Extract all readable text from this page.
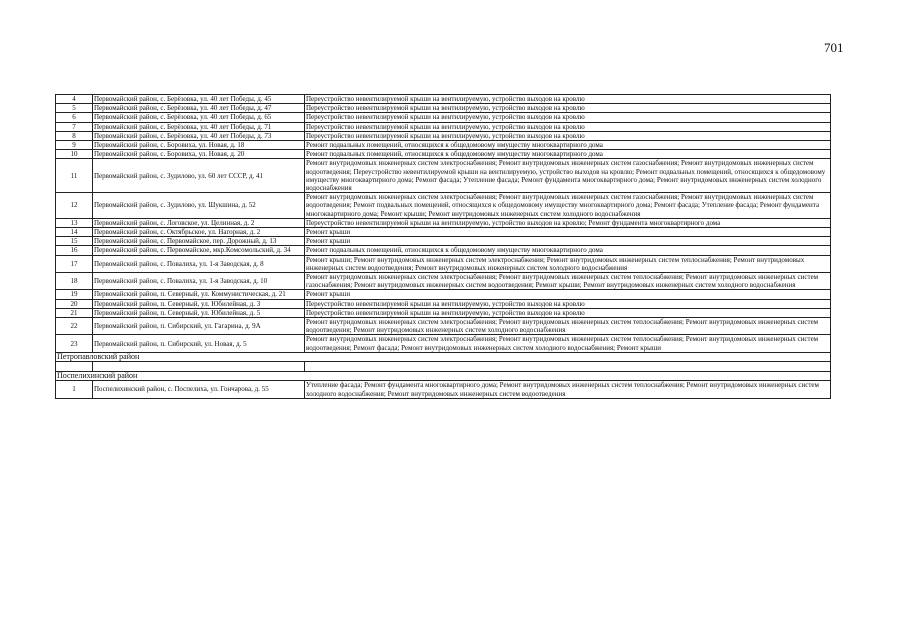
701
4	Первомайский район, с. Берёзовка, ул. 40 лет Победы, д. 45	Переустройство невентилируемой крыши на вентилируемую, устройство выходов на кровлю
5	Первомайский район, с. Берёзовка, ул. 40 лет Победы, д. 47	Переустройство невентилируемой крыши на вентилируемую, устройство выходов на кровлю
6	Первомайский район, с. Берёзовка, ул. 40 лет Победы, д. 65	Переустройство невентилируемой крыши на вентилируемую, устройство выходов на кровлю
7	Первомайский район, с. Берёзовка, ул. 40 лет Победы, д. 71	Переустройство невентилируемой крыши на вентилируемую, устройство выходов на кровлю
8	Первомайский район, с. Берёзовка, ул. 40 лет Победы, д. 73	Переустройство невентилируемой крыши на вентилируемую, устройство выходов на кровлю
9	Первомайский район, с. Боровиха, ул. Новая, д. 18	Ремонт подвальных помещений, относящихся к общедомовому имуществу многоквартирного дома
10	Первомайский район, с. Боровиха, ул. Новая, д. 20	Ремонт подвальных помещений, относящихся к общедомовому имуществу многоквартирного дома
11	Первомайский район, с. Зудилово, ул. 60 лет СССР, д. 41	Ремонт внутридомовых инженерных систем электроснабжения; Ремонт внутридомовых инженерных систем газоснабжения; Ремонт внутридомовых инженерных систем водоотведения; Переустройство невентилируемой крыши на вентилируемую, устройство выходов на кровлю; Ремонт подвальных помещений, относящихся к общедомовому имуществу многоквартирного дома; Ремонт фасада; Утепление фасада; Ремонт фундамента многоквартирного дома; Ремонт внутридомовых инженерных систем холодного водоснабжения
12	Первомайский район, с. Зудилово, ул. Шукшина, д. 52	Ремонт внутридомовых инженерных систем электроснабжения; Ремонт внутридомовых инженерных систем газоснабжения; Ремонт внутридомовых инженерных систем водоотведения; Ремонт подвальных помещений, относящихся к общедомовому имуществу многоквартирного дома; Ремонт фасада; Утепление фасада; Ремонт фундамента многоквартирного дома; Ремонт крыши; Ремонт внутридомовых инженерных систем холодного водоснабжения
13	Первомайский район, с. Логовское, ул. Целинная, д. 2	Переустройство невентилируемой крыши на вентилируемую, устройство выходов на кровлю; Ремонт фундамента многоквартирного дома
14	Первомайский район, с. Октябрьское, ул. Нагорная, д. 2	Ремонт крыши
15	Первомайский район, с. Первомайское, пер. Дорожный, д. 13	Ремонт крыши
16	Первомайский район, с. Первомайское, мкр.Комсомольский, д. 34	Ремонт подвальных помещений, относящихся к общедомовому имуществу многоквартирного дома
17	Первомайский район, с. Повалиха, ул. 1-я Заводская, д. 8	Ремонт крыши; Ремонт внутридомовых инженерных систем электроснабжения; Ремонт внутридомовых инженерных систем теплоснабжения; Ремонт внутридомовых инженерных систем водоотведения; Ремонт внутридомовых инженерных систем холодного водоснабжения
18	Первомайский район, с. Повалиха, ул. 1-я Заводская, д. 10	Ремонт внутридомовых инженерных систем электроснабжения; Ремонт внутридомовых инженерных систем теплоснабжения; Ремонт внутридомовых инженерных систем газоснабжения; Ремонт внутридомовых инженерных систем водоотведения; Ремонт крыши; Ремонт внутридомовых инженерных систем холодного водоснабжения
19	Первомайский район, п. Северный, ул. Коммунистическая, д. 21	Ремонт крыши
20	Первомайский район, п. Северный, ул. Юбилейная, д. 3	Переустройство невентилируемой крыши на вентилируемую, устройство выходов на кровлю
21	Первомайский район, п. Северный, ул. Юбилейная, д. 5	Переустройство невентилируемой крыши на вентилируемую, устройство выходов на кровлю
22	Первомайский район, п. Сибирский, ул. Гагарина, д. 9А	Ремонт внутридомовых инженерных систем электроснабжения; Ремонт внутридомовых инженерных систем теплоснабжения; Ремонт внутридомовых инженерных систем водоотведения; Ремонт внутридомовых инженерных систем холодного водоснабжения
23	Первомайский район, п. Сибирский, ул. Новая, д. 5	Ремонт внутридомовых инженерных систем электроснабжения; Ремонт внутридомовых инженерных систем теплоснабжения; Ремонт внутридомовых инженерных систем водоотведения; Ремонт фасада; Ремонт внутридомовых инженерных систем холодного водоснабжения; Ремонт крыши
Петропавловский район		

Поспелихинский район		
1	Поспелихинский район, с. Поспелиха, ул. Гончарова, д. 55	Утепление фасада; Ремонт фундамента многоквартирного дома; Ремонт внутридомовых инженерных систем теплоснабжения; Ремонт внутридомовых инженерных систем холодного водоснабжения; Ремонт внутридомовых инженерных систем водоотведения
